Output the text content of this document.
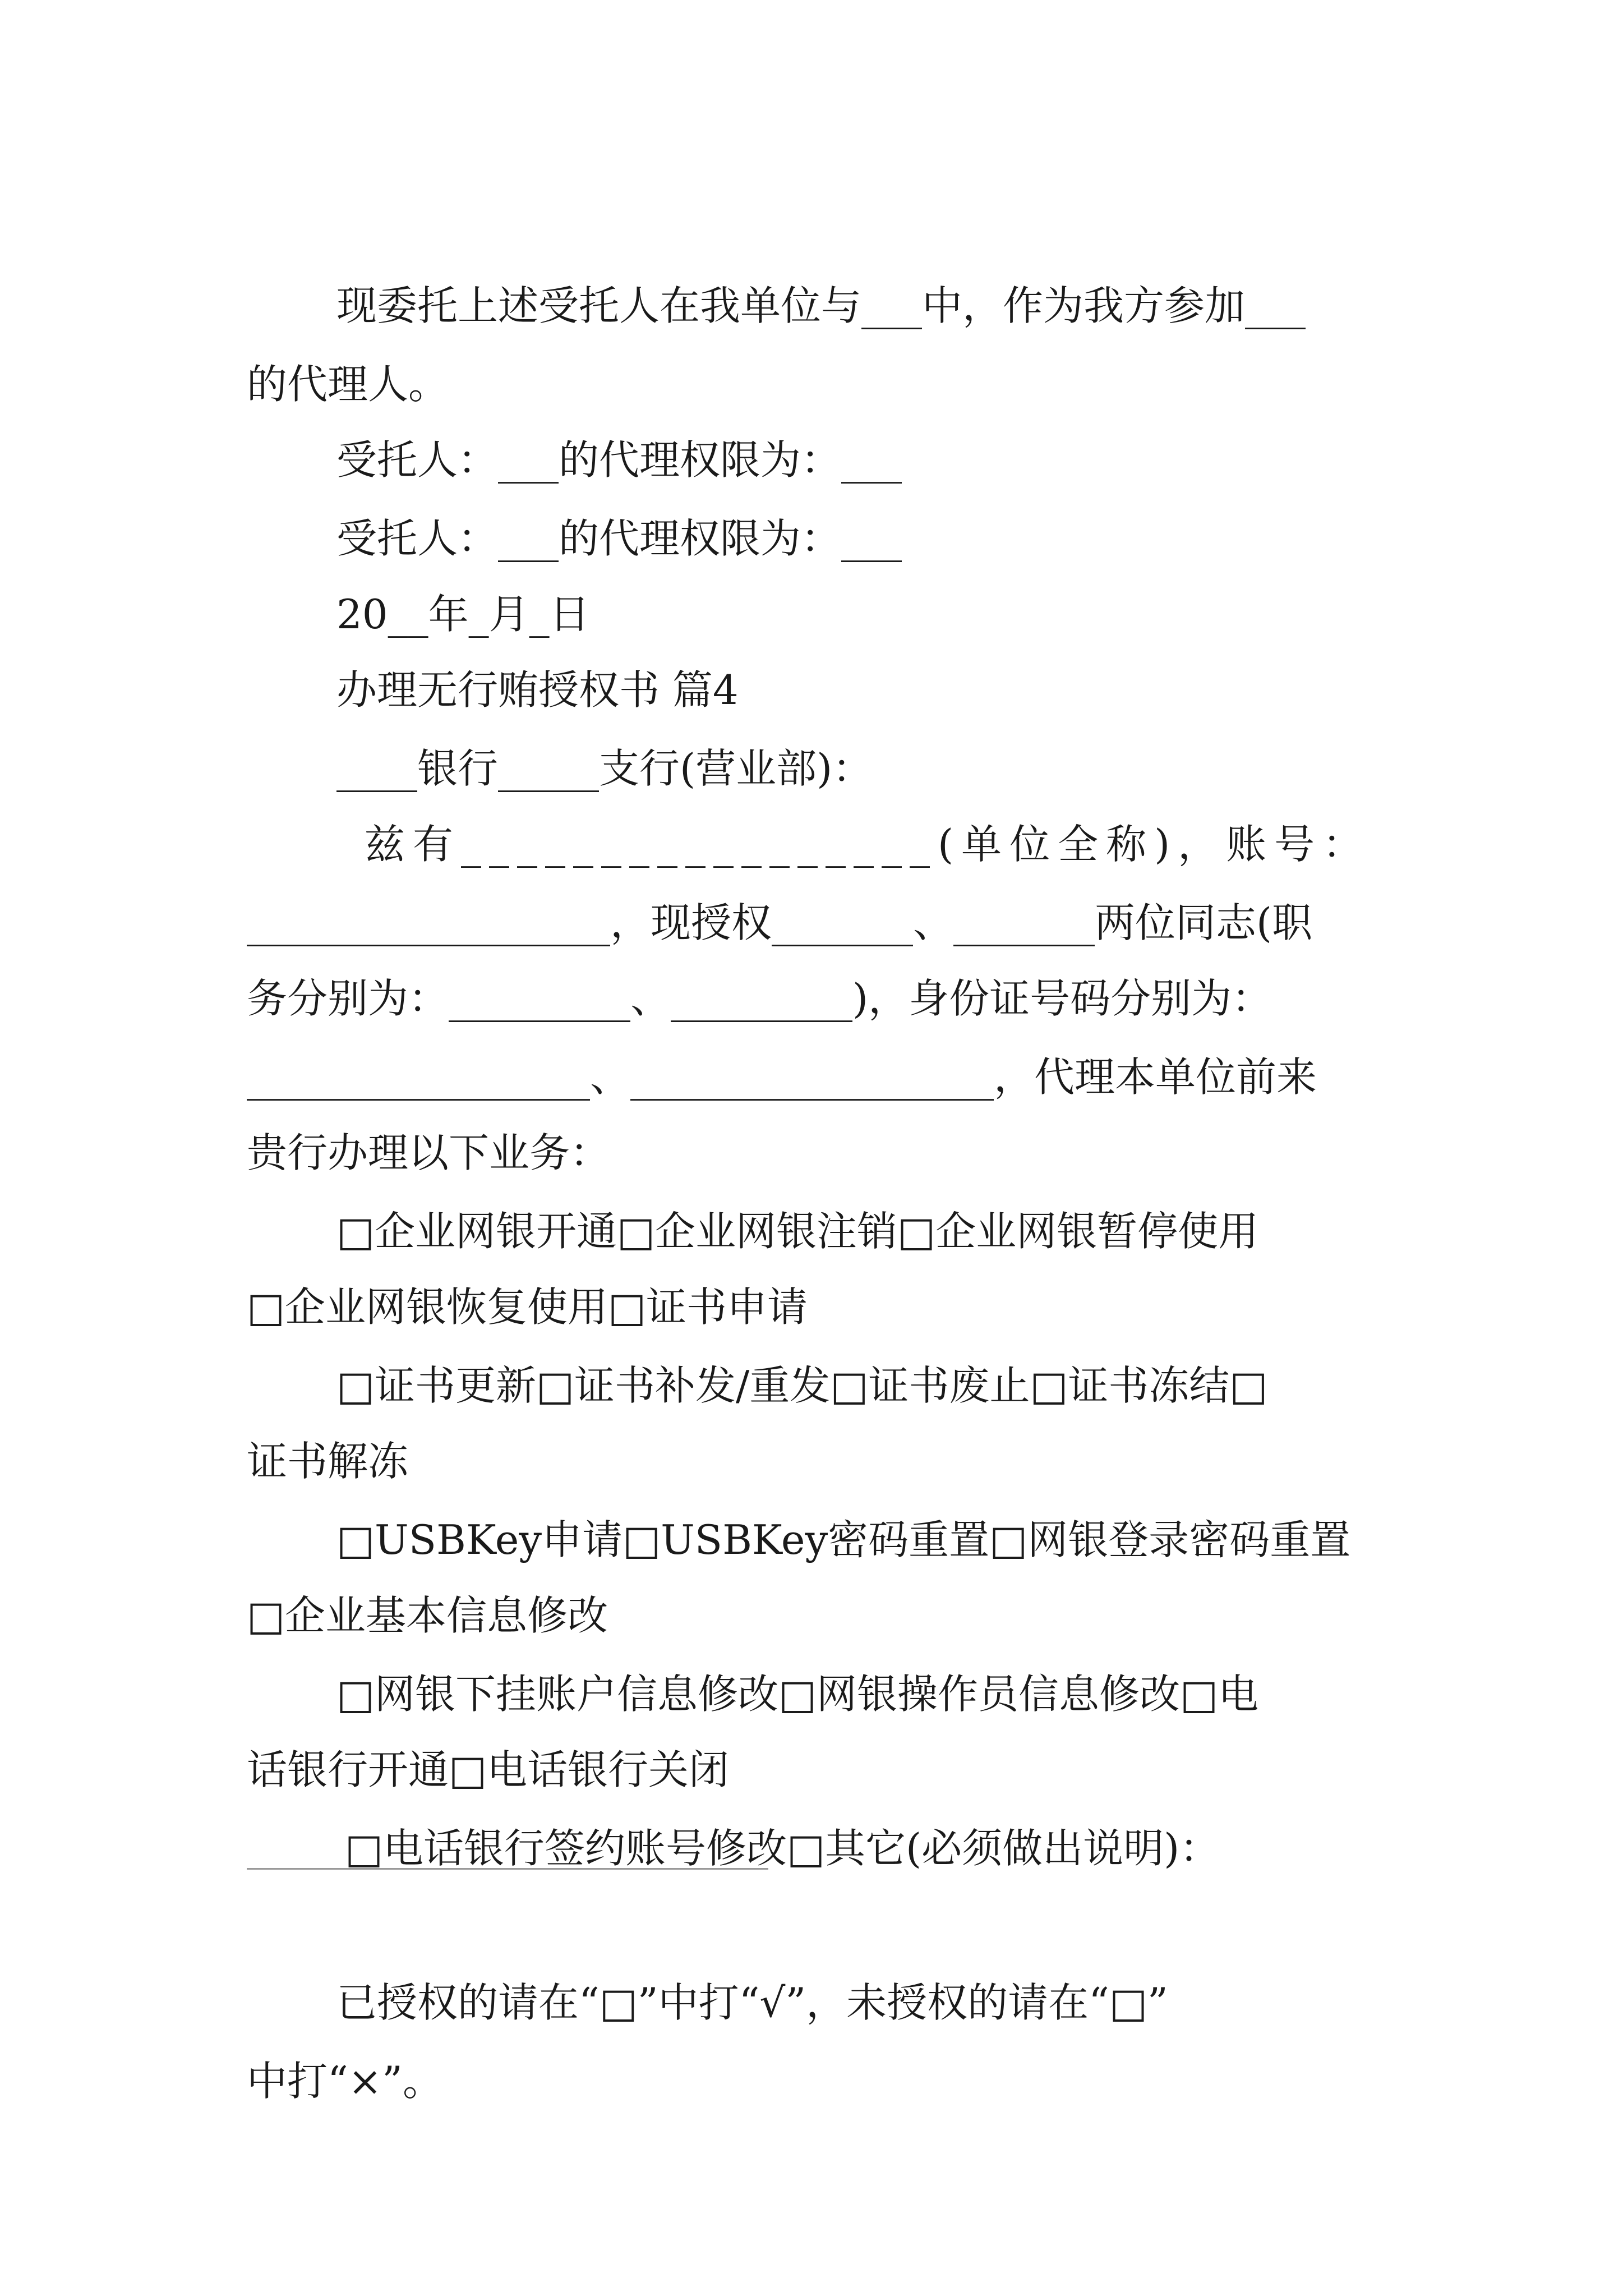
现委托上述受托人在我单位与___中，作为我方参加___

的代理人。

受托人：___的代理权限为：___

受托人：___的代理权限为：___

20__年_月_日

办理无行贿授权书 篇4

____银行_____支行(营业部)：

兹有_________________(单位全称)，账号：

__________________，现授权_______、_______两位同志(职

务分别为：_________、_________)，身份证号码分别为：

_________________、__________________，代理本单位前来

贵行办理以下业务：

□企业网银开通□企业网银注销□企业网银暂停使用

□企业网银恢复使用□证书申请

□证书更新□证书补发/重发□证书废止□证书冻结□

证书解冻

□USBKey申请□USBKey密码重置□网银登录密码重置

□企业基本信息修改

□网银下挂账户信息修改□网银操作员信息修改□电

话银行开通□电话银行关闭

□电话银行签约账号修改□其它(必须做出说明)：

已授权的请在“□”中打“√”，未授权的请在“□”

中打“×”。
